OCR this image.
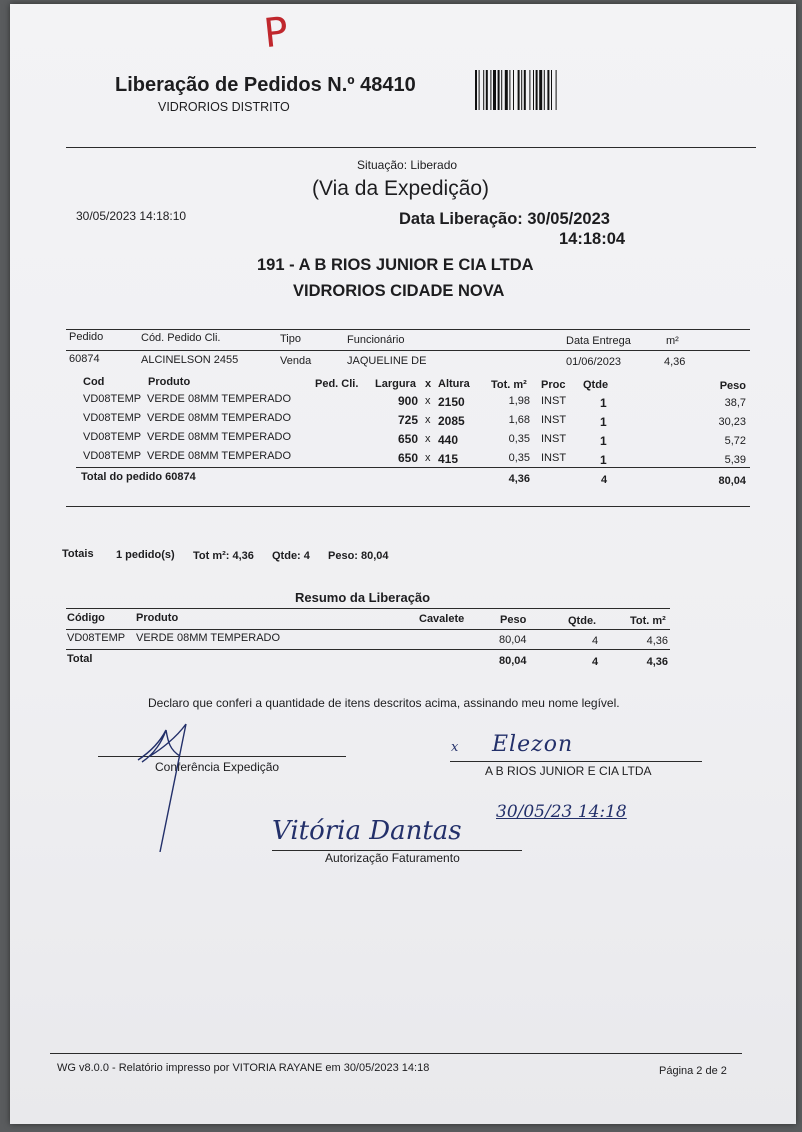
P
Liberação de Pedidos N.º 48410
VIDRORIOS DISTRITO
Situação: Liberado
(Via da Expedição)
30/05/2023 14:18:10	Data Liberação: 30/05/2023
14:18:04
191 - A B RIOS JUNIOR E CIA LTDA
VIDRORIOS CIDADE NOVA
Pedido	Cód. Pedido Cli.	Tipo	Funcionário	Data Entrega	m²
60874	ALCINELSON 2455	Venda	JAQUELINE DE	01/06/2023	4,36
Cod	Produto	Ped. Cli. Largura x Altura Tot. m² Proc Qtde	Peso
VD08TEMP VERDE 08MM TEMPERADO	900 x 2150	1,98 INST	1	38,7
VD08TEMP VERDE 08MM TEMPERADO	725 x 2085	1,68 INST	1	30,23
VD08TEMP VERDE 08MM TEMPERADO	650 x 440	0,35 INST	1	5,72
VD08TEMP VERDE 08MM TEMPERADO	650 x 415	0,35 INST	1	5,39
Total do pedido 60874	4,36	4	80,04
Totais 1 pedido(s) Tot m²: 4,36 Qtde: 4 Peso: 80,04
Resumo da Liberação
Código	Produto	Cavalete	Peso	Qtde.	Tot. m²
VD08TEMP VERDE 08MM TEMPERADO	80,04	4	4,36
Total	80,04	4	4,36
Declaro que conferi a quantidade de itens descritos acima, assinando meu nome legível.
Conferência Expedição
x Elezon
A B RIOS JUNIOR E CIA LTDA
30/05/23 14:18
Vitória Dantas
Autorização Faturamento
WG v8.0.0 - Relatório impresso por VITORIA RAYANE em 30/05/2023 14:18	Página 2 de 2
